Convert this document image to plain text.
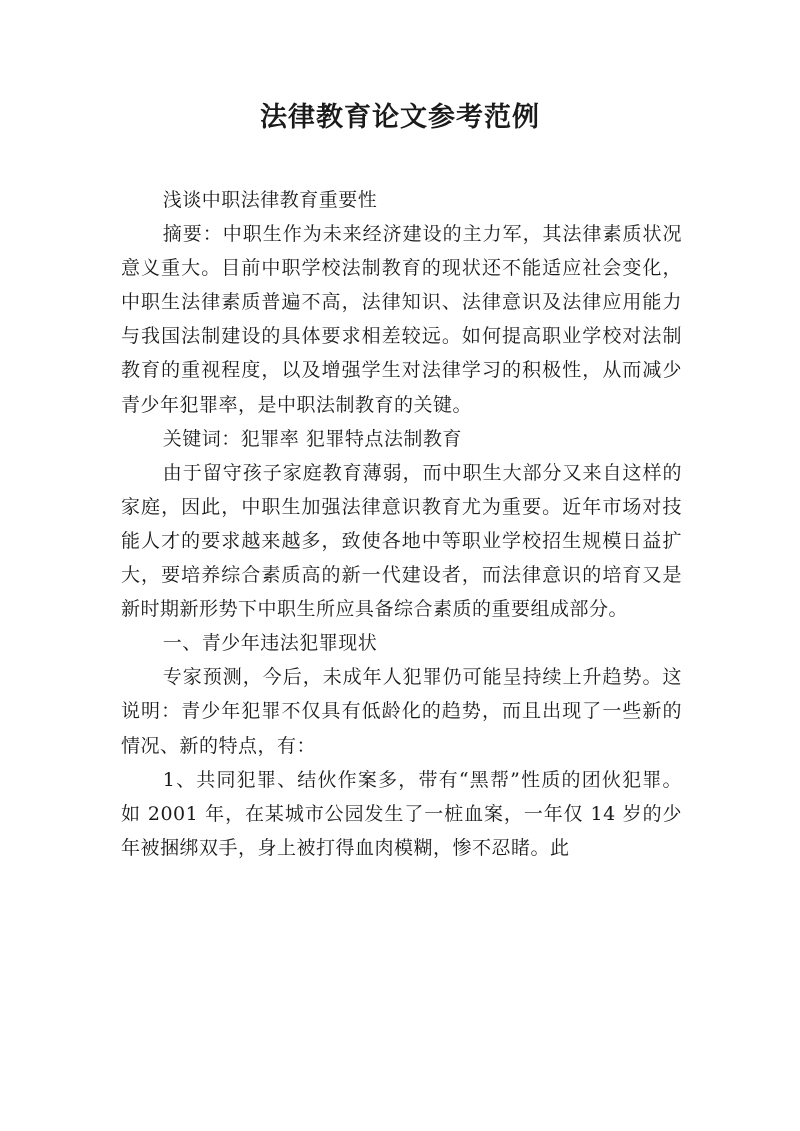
法律教育论文参考范例

浅谈中职法律教育重要性

摘要：中职生作为未来经济建设的主力军，其法律素质状况意义重大。目前中职学校法制教育的现状还不能适应社会变化，中职生法律素质普遍不高，法律知识、法律意识及法律应用能力与我国法制建设的具体要求相差较远。如何提高职业学校对法制教育的重视程度，以及增强学生对法律学习的积极性，从而减少青少年犯罪率，是中职法制教育的关键。

关键词：犯罪率 犯罪特点法制教育

由于留守孩子家庭教育薄弱，而中职生大部分又来自这样的家庭，因此，中职生加强法律意识教育尤为重要。近年市场对技能人才的要求越来越多，致使各地中等职业学校招生规模日益扩大，要培养综合素质高的新一代建设者，而法律意识的培育又是新时期新形势下中职生所应具备综合素质的重要组成部分。

一、青少年违法犯罪现状

专家预测，今后，未成年人犯罪仍可能呈持续上升趋势。这说明：青少年犯罪不仅具有低龄化的趋势，而且出现了一些新的情况、新的特点，有：

1、共同犯罪、结伙作案多，带有“黑帮”性质的团伙犯罪。如 2001 年，在某城市公园发生了一桩血案，一年仅 14 岁的少年被捆绑双手，身上被打得血肉模糊，惨不忍睹。此
